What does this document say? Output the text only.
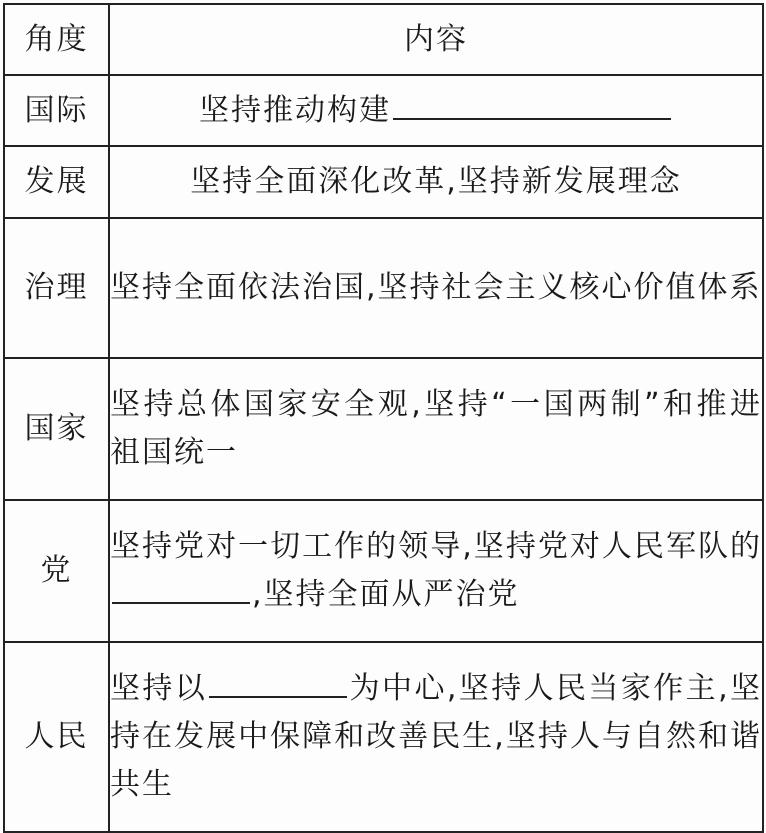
角度	内容
国际	坚持推动构建
发展	坚持全面深化改革,坚持新发展理念
治理	坚持全面依法治国,坚持社会主义核心价值体系
国家	坚持总体国家安全观,坚持“一国两制”和推进祖国统一
党	坚持党对一切工作的领导,坚持党对人民军队的,坚持全面从严治党
人民	坚持以 为中心,坚持人民当家作主,坚持在发展中保障和改善民生,坚持人与自然和谐共生
